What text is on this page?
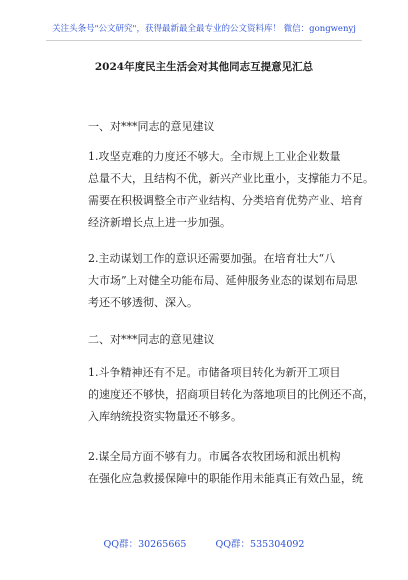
关注头条号"公文研究"，获得最新最全最专业的公文资料库！ 微信：gongwenyj
2024年度民主生活会对其他同志互提意见汇总
一、对***同志的意见建议
1.攻坚克难的力度还不够大。全市规上工业企业数量
总量不大，且结构不优，新兴产业比重小，支撑能力不足。
需要在积极调整全市产业结构、分类培育优势产业、培育
经济新增长点上进一步加强。
2.主动谋划工作的意识还需要加强。在培育壮大“八
大市场”上对健全功能布局、延伸服务业态的谋划布局思
考还不够透彻、深入。
二、对***同志的意见建议
1.斗争精神还有不足。市储备项目转化为新开工项目
的速度还不够快，招商项目转化为落地项目的比例还不高，
入库纳统投资实物量还不够多。
2.谋全局方面不够有力。市属各农牧团场和派出机构
在强化应急救援保障中的职能作用未能真正有效凸显，统
QQ群：30265665	QQ群：535304092
